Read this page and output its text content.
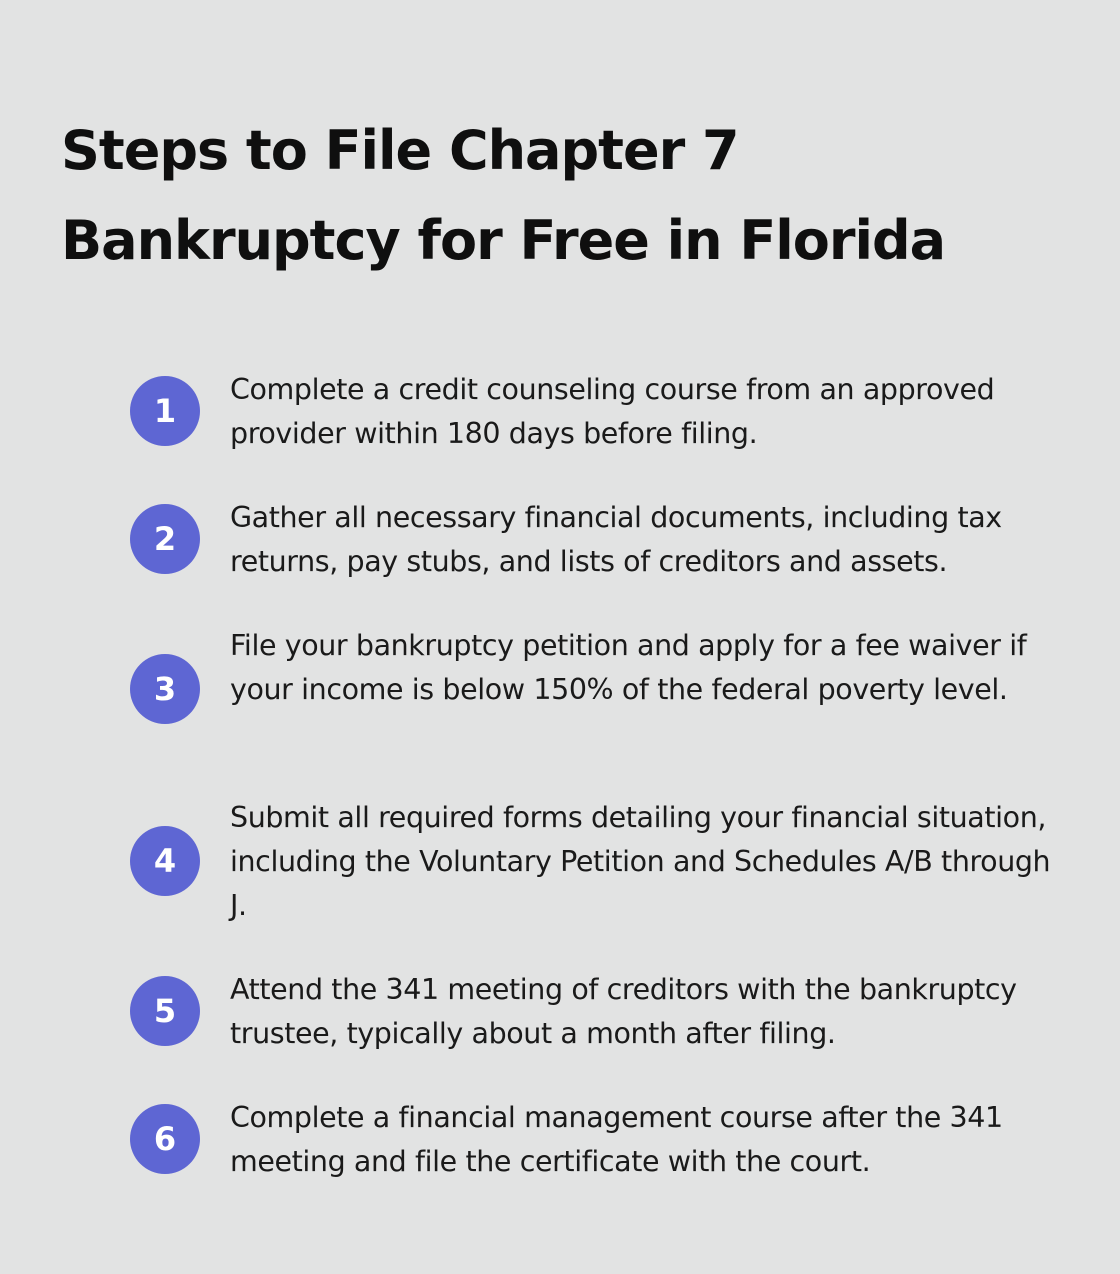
Steps to File Chapter 7 Bankruptcy for Free in Florida
1

Complete a credit counseling course from an approved provider within 180 days before filing.

2

Gather all necessary financial documents, including tax returns, pay stubs, and lists of creditors and assets.

3

File your bankruptcy petition and apply for a fee waiver if your income is below 150% of the federal poverty level.

4

Submit all required forms detailing your financial situation, including the Voluntary Petition and Schedules A/B through J.

5

Attend the 341 meeting of creditors with the bankruptcy trustee, typically about a month after filing.

6

Complete a financial management course after the 341 meeting and file the certificate with the court.
